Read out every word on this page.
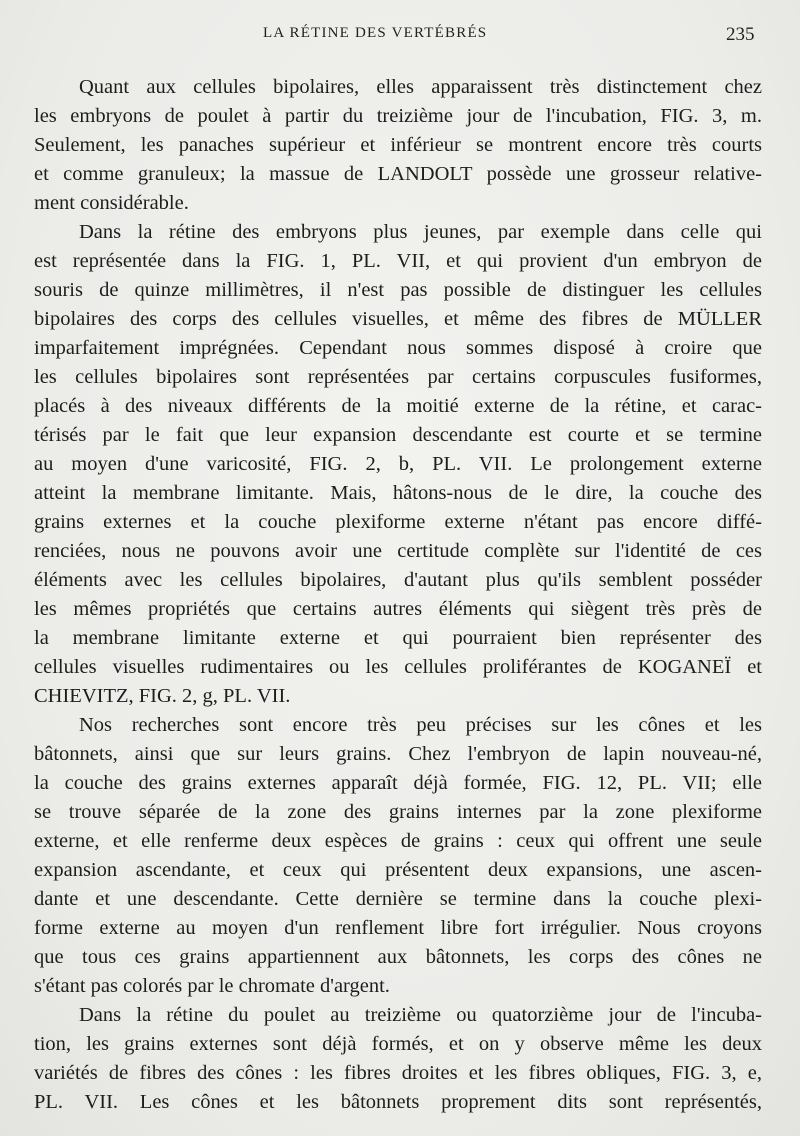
LA RÉTINE DES VERTÉBRÉS	235
Quant aux cellules bipolaires, elles apparaissent très distinctement chez
les embryons de poulet à partir du treizième jour de l'incubation, FIG. 3, m.
Seulement, les panaches supérieur et inférieur se montrent encore très courts
et comme granuleux; la massue de LANDOLT possède une grosseur relative-
ment considérable.
Dans la rétine des embryons plus jeunes, par exemple dans celle qui
est représentée dans la FIG. 1, PL. VII, et qui provient d'un embryon de
souris de quinze millimètres, il n'est pas possible de distinguer les cellules
bipolaires des corps des cellules visuelles, et même des fibres de MÜLLER
imparfaitement imprégnées. Cependant nous sommes disposé à croire que
les cellules bipolaires sont représentées par certains corpuscules fusiformes,
placés à des niveaux différents de la moitié externe de la rétine, et carac-
térisés par le fait que leur expansion descendante est courte et se termine
au moyen d'une varicosité, FIG. 2, b, PL. VII. Le prolongement externe
atteint la membrane limitante. Mais, hâtons-nous de le dire, la couche des
grains externes et la couche plexiforme externe n'étant pas encore diffé-
renciées, nous ne pouvons avoir une certitude complète sur l'identité de ces
éléments avec les cellules bipolaires, d'autant plus qu'ils semblent posséder
les mêmes propriétés que certains autres éléments qui siègent très près de
la membrane limitante externe et qui pourraient bien représenter des
cellules visuelles rudimentaires ou les cellules proliférantes de KOGANEÏ et
CHIEVITZ, FIG. 2, g, PL. VII.
Nos recherches sont encore très peu précises sur les cônes et les
bâtonnets, ainsi que sur leurs grains. Chez l'embryon de lapin nouveau-né,
la couche des grains externes apparaît déjà formée, FIG. 12, PL. VII; elle
se trouve séparée de la zone des grains internes par la zone plexiforme
externe, et elle renferme deux espèces de grains : ceux qui offrent une seule
expansion ascendante, et ceux qui présentent deux expansions, une ascen-
dante et une descendante. Cette dernière se termine dans la couche plexi-
forme externe au moyen d'un renflement libre fort irrégulier. Nous croyons
que tous ces grains appartiennent aux bâtonnets, les corps des cônes ne
s'étant pas colorés par le chromate d'argent.
Dans la rétine du poulet au treizième ou quatorzième jour de l'incuba-
tion, les grains externes sont déjà formés, et on y observe même les deux
variétés de fibres des cônes : les fibres droites et les fibres obliques, FIG. 3, e,
PL. VII. Les cônes et les bâtonnets proprement dits sont représentés,
